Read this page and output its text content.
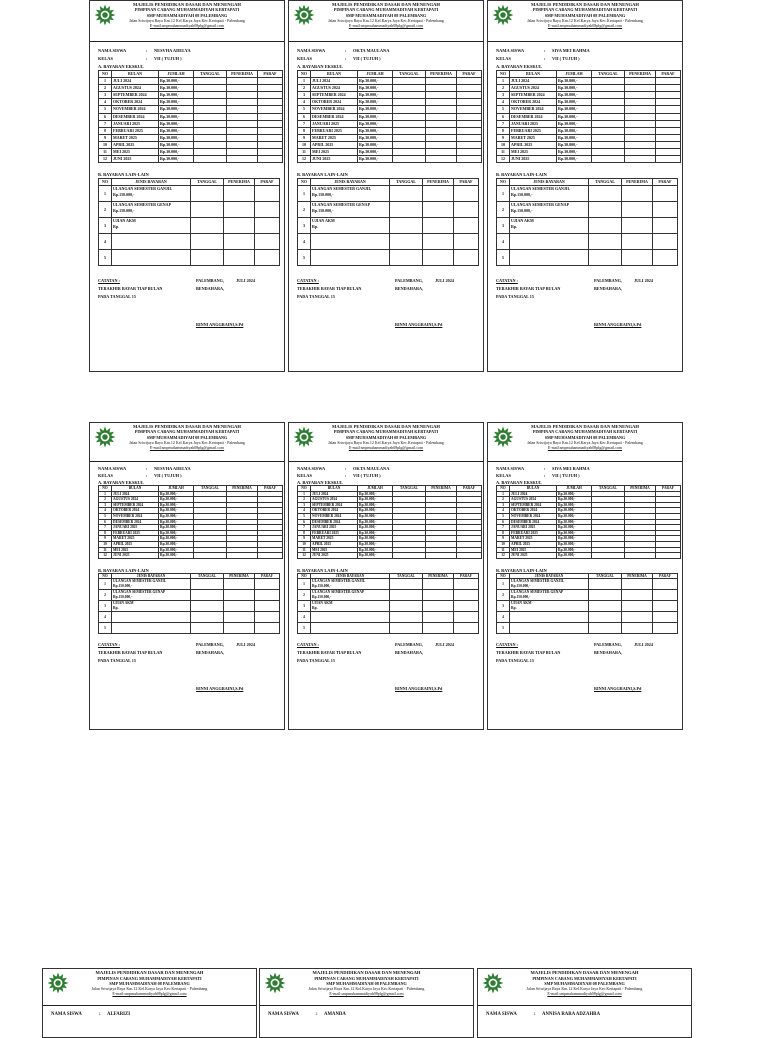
MAJELIS PENDIDIKAN DASAR DAN MENENGAH
PIMPINAN CABANG MUHAMMADIYAH KERTAPATI
SMP MUHAMMADIYAH 08 PALEMBANG
Jalan Sriwijaya Raya Km.12 Kel.Karya Jaya Kec.Kertapati - Palembang
E-mail:smpmuhammadiyah08plg@gmail.com
NAMA SISWA	: NESVHA ADELYA
KELAS	: VII ( TUJUH )
A. BAYARAN EKSKUL
NO	BULAN	JUMLAH	TANGGAL	PENERIMA	PARAF
1	JULI 2024	Rp.30.000,-			
2	AGUSTUS 2024	Rp.30.000,-			
3	SEPTEMBER 2024	Rp.30.000,-			
4	OKTOBER 2024	Rp.30.000,-			
5	NOVEMBER 2024	Rp.30.000,-			
6	DESEMBER 2024	Rp.30.000,-			
7	JANUARI 2025	Rp.30.000,-			
8	FEBRUARI 2025	Rp.30.000,-			
9	MARET 2025	Rp.30.000,-			
10	APRIL 2025	Rp.30.000,-			
11	MEI 2025	Rp.30.000,-			
12	JUNI 2025	Rp.30.000,-			
B. BAYARAN LAIN-LAIN
NO	JENIS BAYARAN	TANGGAL	PENERIMA	PARAF
1	ULANGAN SEMESTER GANJIL
Rp.150.000,-			

2	ULANGAN SEMESTER GENAP
Rp.150.000,-			

3	UJIAN AKM
Rp.			

4	

5	

CATATAN :
TERAKHIR BAYAR TIAP BULAN
PADA TANGGAL 15
PALEMBANG,	JULI 2024
BENDAHARA,
RINNI ANGGRAINI,S.Pd
MAJELIS PENDIDIKAN DASAR DAN MENENGAH
PIMPINAN CABANG MUHAMMADIYAH KERTAPATI
SMP MUHAMMADIYAH 08 PALEMBANG
Jalan Sriwijaya Raya Km.12 Kel.Karya Jaya Kec.Kertapati - Palembang
E-mail:smpmuhammadiyah08plg@gmail.com
NAMA SISWA	: OKTA MAULANA
KELAS	: VII ( TUJUH )
A. BAYARAN EKSKUL
NO	BULAN	JUMLAH	TANGGAL	PENERIMA	PARAF
1	JULI 2024	Rp.30.000,-			
2	AGUSTUS 2024	Rp.30.000,-			
3	SEPTEMBER 2024	Rp.30.000,-			
4	OKTOBER 2024	Rp.30.000,-			
5	NOVEMBER 2024	Rp.30.000,-			
6	DESEMBER 2024	Rp.30.000,-			
7	JANUARI 2025	Rp.30.000,-			
8	FEBRUARI 2025	Rp.30.000,-			
9	MARET 2025	Rp.30.000,-			
10	APRIL 2025	Rp.30.000,-			
11	MEI 2025	Rp.30.000,-			
12	JUNI 2025	Rp.30.000,-			
B. BAYARAN LAIN-LAIN
NO	JENIS BAYARAN	TANGGAL	PENERIMA	PARAF
1	ULANGAN SEMESTER GANJIL
Rp.150.000,-			

2	ULANGAN SEMESTER GENAP
Rp.150.000,-			

3	UJIAN AKM
Rp.			

4	

5	

CATATAN :
TERAKHIR BAYAR TIAP BULAN
PADA TANGGAL 15
PALEMBANG,	JULI 2024
BENDAHARA,
RINNI ANGGRAINI,S.Pd
MAJELIS PENDIDIKAN DASAR DAN MENENGAH
PIMPINAN CABANG MUHAMMADIYAH KERTAPATI
SMP MUHAMMADIYAH 08 PALEMBANG
Jalan Sriwijaya Raya Km.12 Kel.Karya Jaya Kec.Kertapati - Palembang
E-mail:smpmuhammadiyah08plg@gmail.com
NAMA SISWA	: SIVA MEI RAHMA
KELAS	: VII ( TUJUH )
A. BAYARAN EKSKUL
NO	BULAN	JUMLAH	TANGGAL	PENERIMA	PARAF
1	JULI 2024	Rp.30.000,-			
2	AGUSTUS 2024	Rp.30.000,-			
3	SEPTEMBER 2024	Rp.30.000,-			
4	OKTOBER 2024	Rp.30.000,-			
5	NOVEMBER 2024	Rp.30.000,-			
6	DESEMBER 2024	Rp.30.000,-			
7	JANUARI 2025	Rp.30.000,-			
8	FEBRUARI 2025	Rp.30.000,-			
9	MARET 2025	Rp.30.000,-			
10	APRIL 2025	Rp.30.000,-			
11	MEI 2025	Rp.30.000,-			
12	JUNI 2025	Rp.30.000,-			
B. BAYARAN LAIN-LAIN
NO	JENIS BAYARAN	TANGGAL	PENERIMA	PARAF
1	ULANGAN SEMESTER GANJIL
Rp.150.000,-			

2	ULANGAN SEMESTER GENAP
Rp.150.000,-			

3	UJIAN AKM
Rp.			

4	

5	

CATATAN :
TERAKHIR BAYAR TIAP BULAN
PADA TANGGAL 15
PALEMBANG,	JULI 2024
BENDAHARA,
RINNI ANGGRAINI,S.Pd
MAJELIS PENDIDIKAN DASAR DAN MENENGAH
PIMPINAN CABANG MUHAMMADIYAH KERTAPATI
SMP MUHAMMADIYAH 08 PALEMBANG
Jalan Sriwijaya Raya Km.12 Kel.Karya Jaya Kec.Kertapati - Palembang
E-mail:smpmuhammadiyah08plg@gmail.com
NAMA SISWA	: NESVHA ADELYA
KELAS	: VII ( TUJUH )
A. BAYARAN EKSKUL
NO	BULAN	JUMLAH	TANGGAL	PENERIMA	PARAF
1	JULI 2024	Rp.30.000,-			
2	AGUSTUS 2024	Rp.30.000,-			
3	SEPTEMBER 2024	Rp.30.000,-			
4	OKTOBER 2024	Rp.30.000,-			
5	NOVEMBER 2024	Rp.30.000,-			
6	DESEMBER 2024	Rp.30.000,-			
7	JANUARI 2025	Rp.30.000,-			
8	FEBRUARI 2025	Rp.30.000,-			
9	MARET 2025	Rp.30.000,-			
10	APRIL 2025	Rp.30.000,-			
11	MEI 2025	Rp.30.000,-			
12	JUNI 2025	Rp.30.000,-			
B. BAYARAN LAIN-LAIN
NO	JENIS BAYARAN	TANGGAL	PENERIMA	PARAF
1	ULANGAN SEMESTER GANJIL
Rp.150.000,-			

2	ULANGAN SEMESTER GENAP
Rp.150.000,-			

3	UJIAN AKM
Rp.			

4	

5	

CATATAN :
TERAKHIR BAYAR TIAP BULAN
PADA TANGGAL 15
PALEMBANG,	JULI 2024
BENDAHARA,
RINNI ANGGRAINI,S.Pd
MAJELIS PENDIDIKAN DASAR DAN MENENGAH
PIMPINAN CABANG MUHAMMADIYAH KERTAPATI
SMP MUHAMMADIYAH 08 PALEMBANG
Jalan Sriwijaya Raya Km.12 Kel.Karya Jaya Kec.Kertapati - Palembang
E-mail:smpmuhammadiyah08plg@gmail.com
NAMA SISWA	: OKTA MAULANA
KELAS	: VII ( TUJUH )
A. BAYARAN EKSKUL
NO	BULAN	JUMLAH	TANGGAL	PENERIMA	PARAF
1	JULI 2024	Rp.30.000,-			
2	AGUSTUS 2024	Rp.30.000,-			
3	SEPTEMBER 2024	Rp.30.000,-			
4	OKTOBER 2024	Rp.30.000,-			
5	NOVEMBER 2024	Rp.30.000,-			
6	DESEMBER 2024	Rp.30.000,-			
7	JANUARI 2025	Rp.30.000,-			
8	FEBRUARI 2025	Rp.30.000,-			
9	MARET 2025	Rp.30.000,-			
10	APRIL 2025	Rp.30.000,-			
11	MEI 2025	Rp.30.000,-			
12	JUNI 2025	Rp.30.000,-			
B. BAYARAN LAIN-LAIN
NO	JENIS BAYARAN	TANGGAL	PENERIMA	PARAF
1	ULANGAN SEMESTER GANJIL
Rp.150.000,-			

2	ULANGAN SEMESTER GENAP
Rp.150.000,-			

3	UJIAN AKM
Rp.			

4	

5	

CATATAN :
TERAKHIR BAYAR TIAP BULAN
PADA TANGGAL 15
PALEMBANG,	JULI 2024
BENDAHARA,
RINNI ANGGRAINI,S.Pd
MAJELIS PENDIDIKAN DASAR DAN MENENGAH
PIMPINAN CABANG MUHAMMADIYAH KERTAPATI
SMP MUHAMMADIYAH 08 PALEMBANG
Jalan Sriwijaya Raya Km.12 Kel.Karya Jaya Kec.Kertapati - Palembang
E-mail:smpmuhammadiyah08plg@gmail.com
NAMA SISWA	: SIVA MEI RAHMA
KELAS	: VII ( TUJUH )
A. BAYARAN EKSKUL
NO	BULAN	JUMLAH	TANGGAL	PENERIMA	PARAF
1	JULI 2024	Rp.30.000,-			
2	AGUSTUS 2024	Rp.30.000,-			
3	SEPTEMBER 2024	Rp.30.000,-			
4	OKTOBER 2024	Rp.30.000,-			
5	NOVEMBER 2024	Rp.30.000,-			
6	DESEMBER 2024	Rp.30.000,-			
7	JANUARI 2025	Rp.30.000,-			
8	FEBRUARI 2025	Rp.30.000,-			
9	MARET 2025	Rp.30.000,-			
10	APRIL 2025	Rp.30.000,-			
11	MEI 2025	Rp.30.000,-			
12	JUNI 2025	Rp.30.000,-			
B. BAYARAN LAIN-LAIN
NO	JENIS BAYARAN	TANGGAL	PENERIMA	PARAF
1	ULANGAN SEMESTER GANJIL
Rp.150.000,-			

2	ULANGAN SEMESTER GENAP
Rp.150.000,-			

3	UJIAN AKM
Rp.			

4	

5	

CATATAN :
TERAKHIR BAYAR TIAP BULAN
PADA TANGGAL 15
PALEMBANG,	JULI 2024
BENDAHARA,
RINNI ANGGRAINI,S.Pd
MAJELIS PENDIDIKAN DASAR DAN MENENGAH
PIMPINAN CABANG MUHAMMADIYAH KERTAPATI
SMP MUHAMMADIYAH 08 PALEMBANG
Jalan Sriwijaya Raya Km.12 Kel.Karya Jaya Kec.Kertapati - Palembang
E-mail:smpmuhammadiyah08plg@gmail.com
NAMA SISWA	: ALFARIZI
MAJELIS PENDIDIKAN DASAR DAN MENENGAH
PIMPINAN CABANG MUHAMMADIYAH KERTAPATI
SMP MUHAMMADIYAH 08 PALEMBANG
Jalan Sriwijaya Raya Km.12 Kel.Karya Jaya Kec.Kertapati - Palembang
E-mail:smpmuhammadiyah08plg@gmail.com
NAMA SISWA	: AMANDA
MAJELIS PENDIDIKAN DASAR DAN MENENGAH
PIMPINAN CABANG MUHAMMADIYAH KERTAPATI
SMP MUHAMMADIYAH 08 PALEMBANG
Jalan Sriwijaya Raya Km.12 Kel.Karya Jaya Kec.Kertapati - Palembang
E-mail:smpmuhammadiyah08plg@gmail.com
NAMA SISWA	: ANNISA RARA ADZAHRA
